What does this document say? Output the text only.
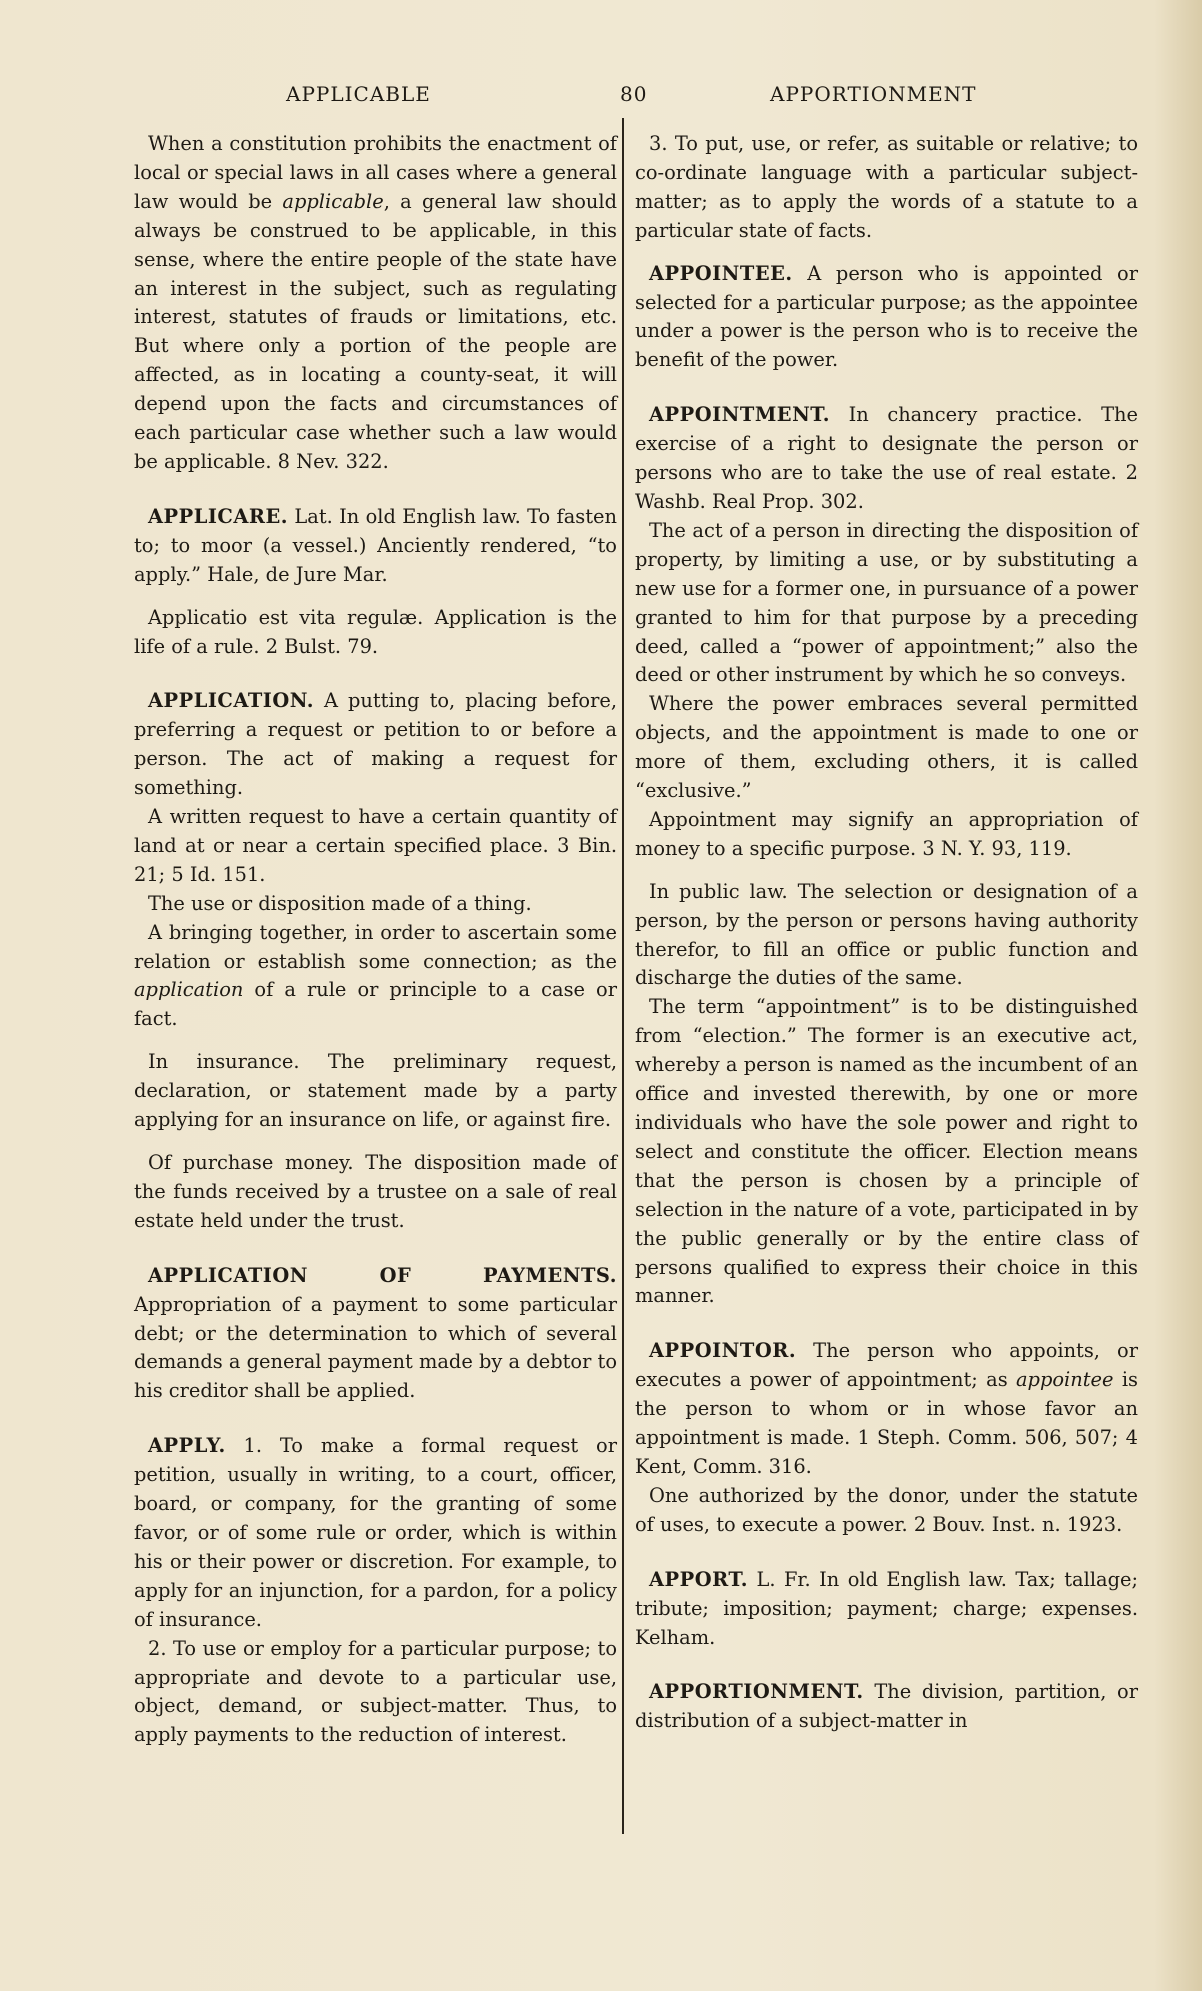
APPLICABLE	80	APPORTIONMENT

When a constitution prohibits the enactment of local or special laws in all cases where a general law would be applicable, a general law should always be construed to be applicable, in this sense, where the entire people of the state have an interest in the subject, such as regulating interest, statutes of frauds or limitations, etc. But where only a portion of the people are affected, as in locating a county-seat, it will depend upon the facts and circumstances of each particular case whether such a law would be applicable. 8 Nev. 322.

APPLICARE. Lat. In old English law. To fasten to; to moor (a vessel.) Anciently rendered, “to apply.” Hale, de Jure Mar.

Applicatio est vita regulæ. Application is the life of a rule. 2 Bulst. 79.

APPLICATION. A putting to, placing before, preferring a request or petition to or before a person. The act of making a request for something.

A written request to have a certain quantity of land at or near a certain specified place. 3 Bin. 21; 5 Id. 151.

The use or disposition made of a thing.

A bringing together, in order to ascertain some relation or establish some connection; as the application of a rule or principle to a case or fact.

In insurance. The preliminary request, declaration, or statement made by a party applying for an insurance on life, or against fire.

Of purchase money. The disposition made of the funds received by a trustee on a sale of real estate held under the trust.

APPLICATION OF PAYMENTS. Appropriation of a payment to some particular debt; or the determination to which of several demands a general payment made by a debtor to his creditor shall be applied.

APPLY. 1. To make a formal request or petition, usually in writing, to a court, officer, board, or company, for the granting of some favor, or of some rule or order, which is within his or their power or discretion. For example, to apply for an injunction, for a pardon, for a policy of insurance.

2. To use or employ for a particular purpose; to appropriate and devote to a particular use, object, demand, or subject-matter. Thus, to apply payments to the reduction of interest.

3. To put, use, or refer, as suitable or relative; to co-ordinate language with a particular subject-matter; as to apply the words of a statute to a particular state of facts.

APPOINTEE. A person who is appointed or selected for a particular purpose; as the appointee under a power is the person who is to receive the benefit of the power.

APPOINTMENT. In chancery practice. The exercise of a right to designate the person or persons who are to take the use of real estate. 2 Washb. Real Prop. 302.

The act of a person in directing the disposition of property, by limiting a use, or by substituting a new use for a former one, in pursuance of a power granted to him for that purpose by a preceding deed, called a “power of appointment;” also the deed or other instrument by which he so conveys.

Where the power embraces several permitted objects, and the appointment is made to one or more of them, excluding others, it is called “exclusive.”

Appointment may signify an appropriation of money to a specific purpose. 3 N. Y. 93, 119.

In public law. The selection or designation of a person, by the person or persons having authority therefor, to fill an office or public function and discharge the duties of the same.

The term “appointment” is to be distinguished from “election.” The former is an executive act, whereby a person is named as the incumbent of an office and invested therewith, by one or more individuals who have the sole power and right to select and constitute the officer. Election means that the person is chosen by a principle of selection in the nature of a vote, participated in by the public generally or by the entire class of persons qualified to express their choice in this manner.

APPOINTOR. The person who appoints, or executes a power of appointment; as appointee is the person to whom or in whose favor an appointment is made. 1 Steph. Comm. 506, 507; 4 Kent, Comm. 316.

One authorized by the donor, under the statute of uses, to execute a power. 2 Bouv. Inst. n. 1923.

APPORT. L. Fr. In old English law. Tax; tallage; tribute; imposition; payment; charge; expenses. Kelham.

APPORTIONMENT. The division, partition, or distribution of a subject-matter in
